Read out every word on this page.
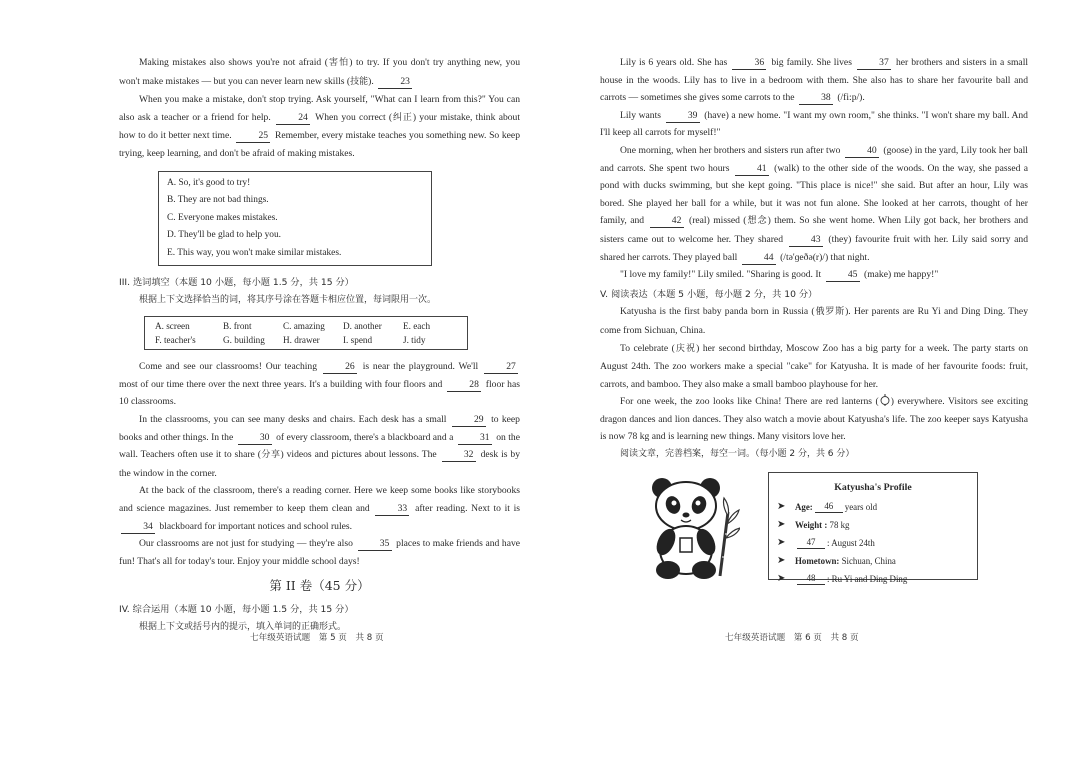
Making mistakes also shows you're not afraid (害怕) to try. If you don't try anything new, you won't make mistakes — but you can never learn new skills (技能).	23

When you make a mistake, don't stop trying. Ask yourself, "What can I learn from this?" You can also ask a teacher or a friend for help.	24 When you correct (纠正) your mistake, think about how to do it better next time.	25 Remember, every mistake teaches you something new. So keep trying, keep learning, and don't be afraid of making mistakes.

A. So, it's good to try!
B. They are not bad things.
C. Everyone makes mistakes.
D. They'll be glad to help you.
E. This way, you won't make similar mistakes.

III. 选词填空（本题 10 小题，每小题 1.5 分，共 15 分）

根据上下文选择恰当的词，将其序号涂在答题卡相应位置，每词限用一次。

A. screen	B. front	C. amazing	D. another	E. each
F. teacher's	G. building	H. drawer	I. spend	J. tidy

Come and see our classrooms! Our teaching	26 is near the playground. We'll	27most of our time there over the next three years. It's a building with four floors and	28 floor has 10 classrooms.

In the classrooms, you can see many desks and chairs. Each desk has a small	29 to keep books and other things. In the	30 of every classroom, there's a blackboard and a	31 on the wall. Teachers often use it to share (分享) videos and pictures about lessons. The	32 desk is by the window in the corner.

At the back of the classroom, there's a reading corner. Here we keep some books like storybooks and science magazines. Just remember to keep them clean and	33 after reading. Next to it is 34 blackboard for important notices and school rules.

Our classrooms are not just for studying — they're also	35 places to make friends and have fun! That's all for today's tour. Enjoy your middle school days!

第 II 卷（45 分）

IV. 综合运用（本题 10 小题，每小题 1.5 分，共 15 分）

根据上下文或括号内的提示，填入单词的正确形式。

七年级英语试题　第 5 页　共 8 页

Lily is 6 years old. She has	36 big family. She lives	37 her brothers and sisters in a small house in the woods. Lily has to live in a bedroom with them. She also has to share her favourite ball and carrots — sometimes she gives some carrots to the	38 (/fi:p/).

Lily wants	39 (have) a new home. "I want my own room," she thinks. "I won't share my ball. And I'll keep all carrots for myself!"

One morning, when her brothers and sisters run after two	40 (goose) in the yard, Lily took her ball and carrots. She spent two hours	41 (walk) to the other side of the woods. On the way, she passed a pond with ducks swimming, but she kept going. "This place is nice!" she said. But after an hour, Lily was bored. She played her ball for a while, but it was not fun alone. She looked at her carrots, thought of her family, and	42 (real) missed (想念) them. So she went home. When Lily got back, her brothers and sisters came out to welcome her. They shared	43 (they) favourite fruit with her. Lily said sorry and shared her carrots. They played ball	44 (/tə'ɡeðə(r)/) that night.

"I love my family!" Lily smiled. "Sharing is good. It	45 (make) me happy!"

V. 阅读表达（本题 5 小题，每小题 2 分，共 10 分）

Katyusha is the first baby panda born in Russia (俄罗斯). Her parents are Ru Yi and Ding Ding. They come from Sichuan, China.

To celebrate (庆祝) her second birthday, Moscow Zoo has a big party for a week. The party starts on August 24th. The zoo workers make a special "cake" for Katyusha. It is made of her favourite foods: fruit, carrots, and bamboo. They also make a small bamboo playhouse for her.

For one week, the zoo looks like China! There are red lanterns ( ) everywhere. Visitors see exciting dragon dances and lion dances. They also watch a movie about Katyusha's life. The zoo keeper says Katyusha is now 78 kg and is learning new things. Many visitors love her.

阅读文章，完善档案，每空一词。（每小题 2 分，共 6 分）

Katyusha's Profile
➤	Age:	46	years old
➤	Weight :
78 kg
➤	47	: August 24th
➤	Hometown:
Sichuan, China
➤	48	: Ru Yi and Ding Ding
七年级英语试题　第 6 页　共 8 页
